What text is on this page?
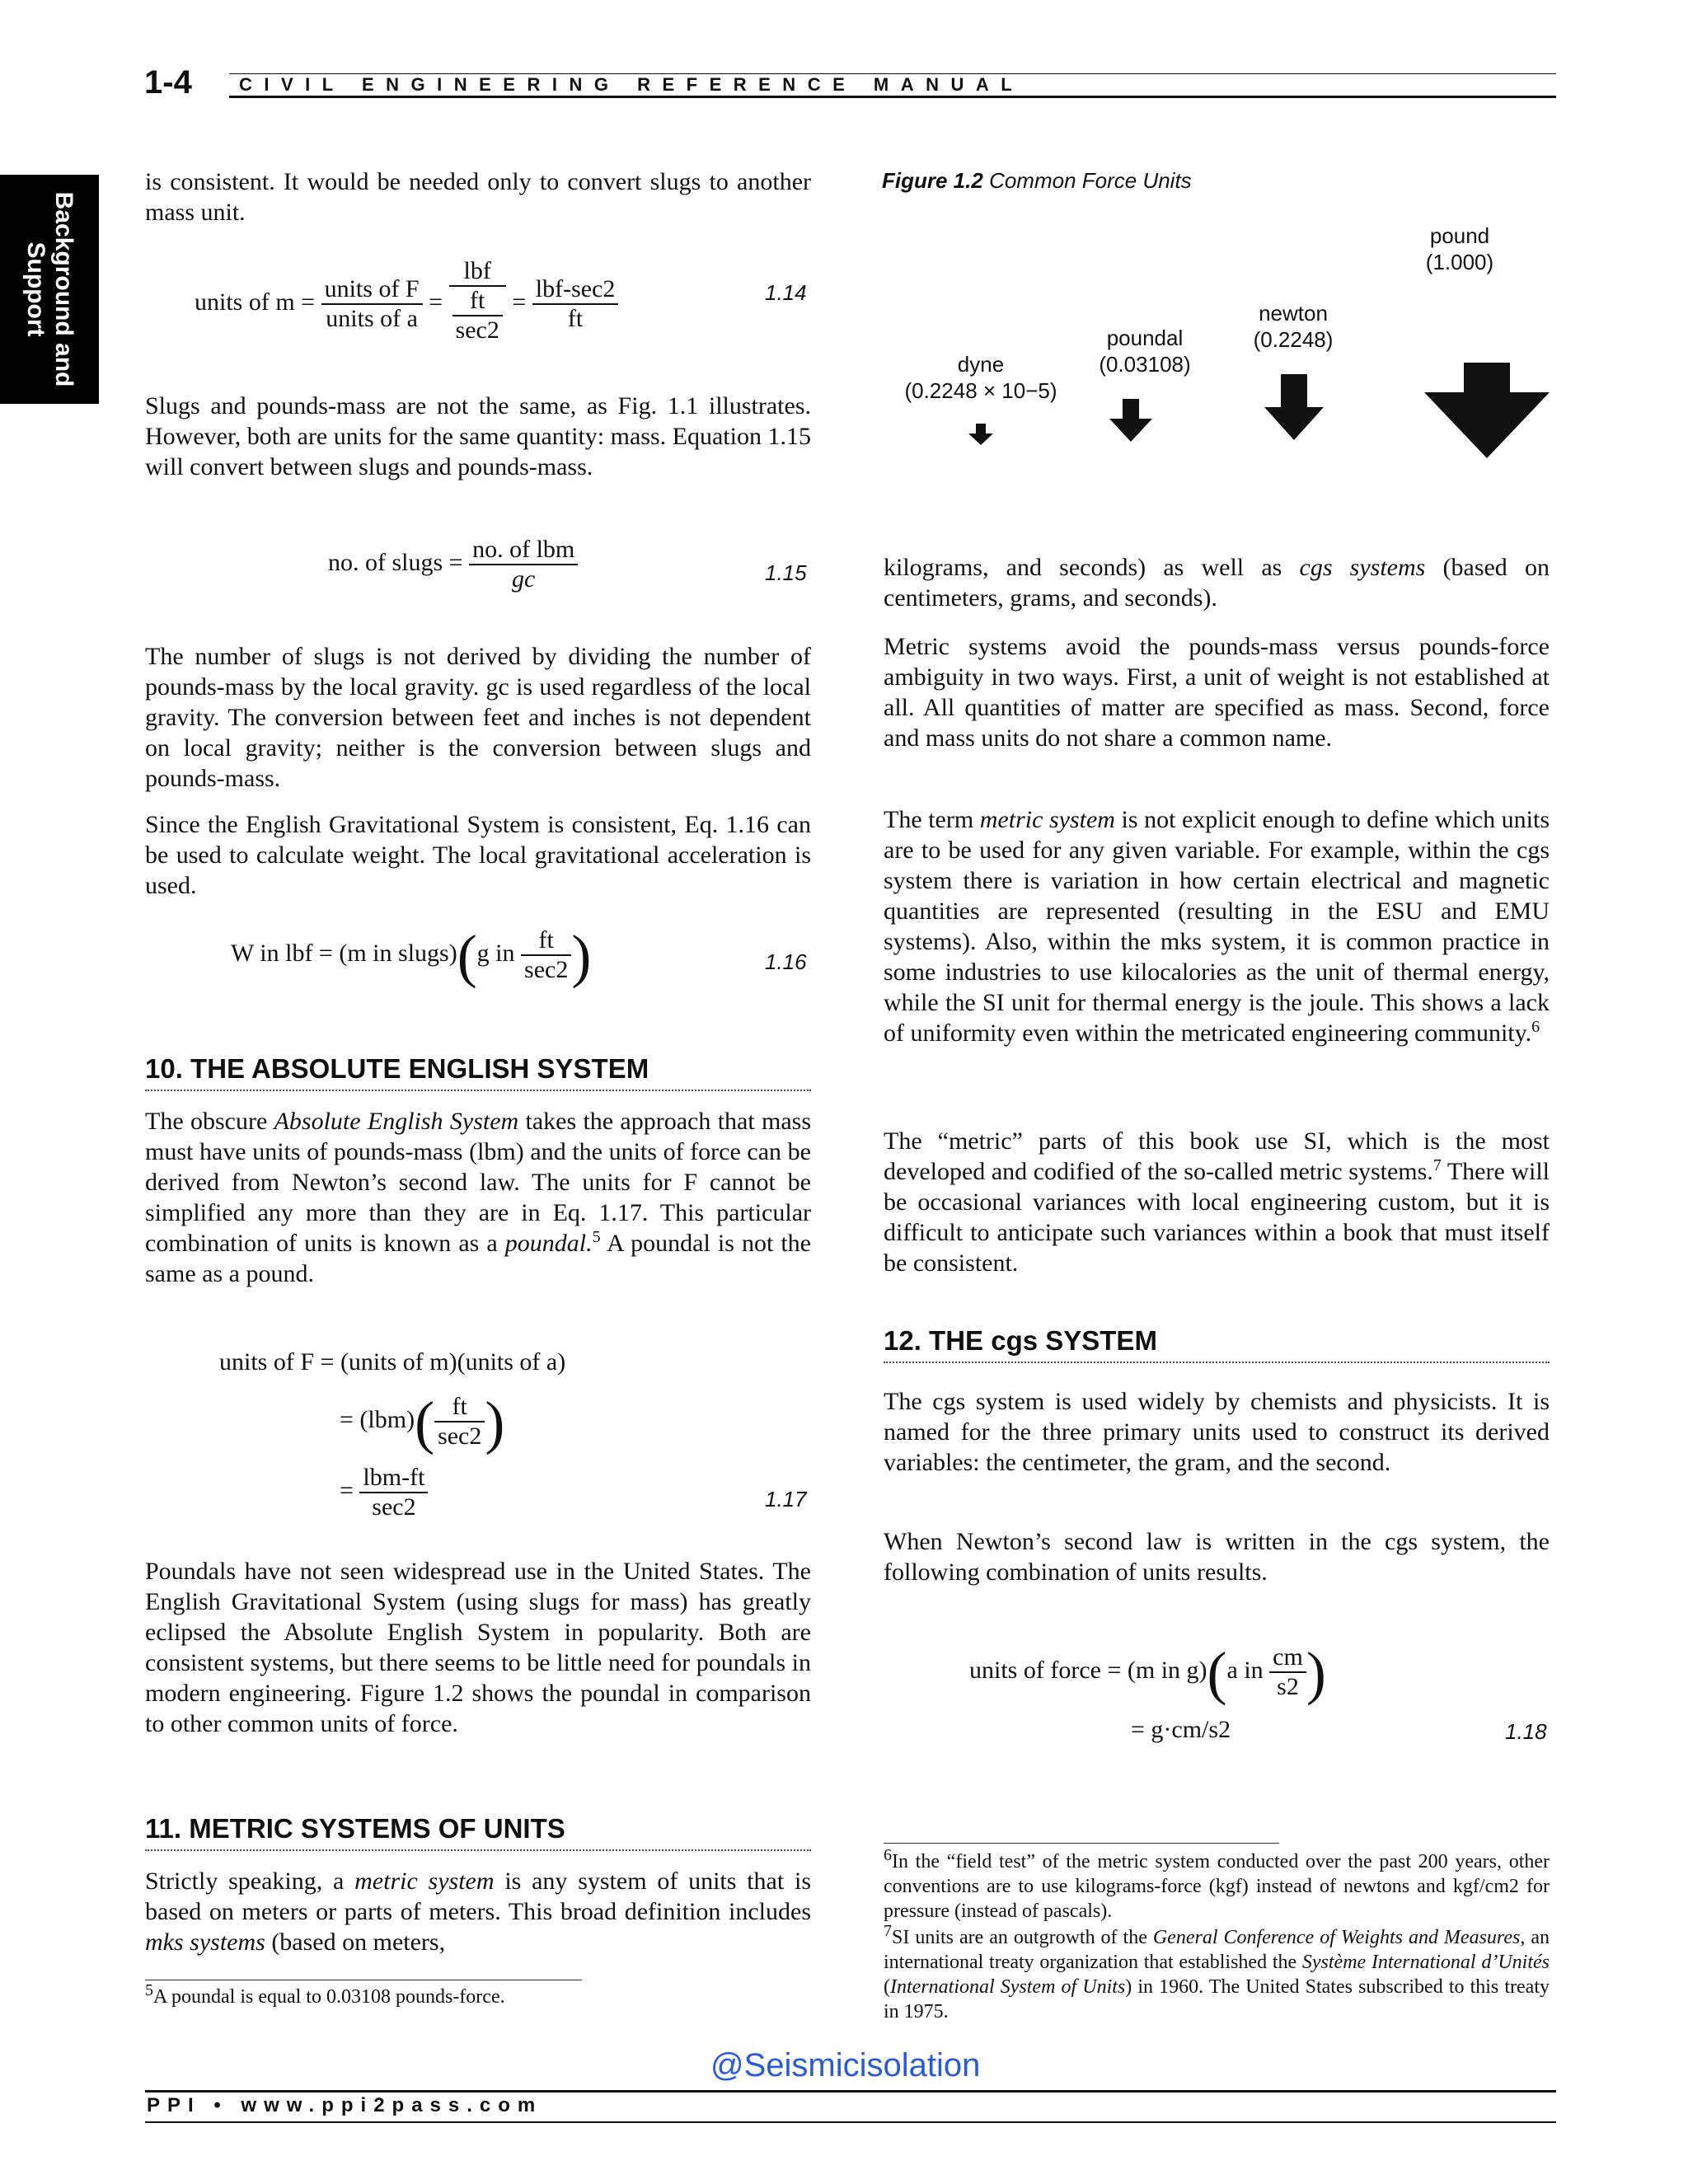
1-4	CIVIL ENGINEERING REFERENCE MANUAL
Background and
Support

is consistent. It would be needed only to convert slugs to another mass unit.

units of $m = \frac{\text{units of F}}{\text{units of a}}$ = lbf
ft
$\sec 2 = \frac{\text{lbf-sec2}}{ft}$	1.14

Slugs and pounds-mass are not the same, as Fig. 1.1 illustrates. However, both are units for the same quantity: mass. Equation 1.15 will convert between slugs and pounds-mass.

no. of slugs = $\frac{\text{no. of lbm}}{gc}$	1.15

The number of slugs is not derived by dividing the number of pounds-mass by the local gravity. gc is used regardless of the local gravity. The conversion between feet and inches is not dependent on local gravity; neither is the conversion between slugs and pounds-mass.

Since the English Gravitational System is consistent, Eq. 1.16 can be used to calculate weight. The local gravitational acceleration is used.

W in lbf = (m in slugs)(g in $\frac{ft}{\sec 2}$ )	1.16
10. THE ABSOLUTE ENGLISH SYSTEM

The obscure Absolute English System takes the approach that mass must have units of pounds-mass (lbm) and the units of force can be derived from Newton’s second law. The units for F cannot be simplified any more than they are in Eq. 1.17. This particular combination of units is known as a poundal.$^5$ A poundal is not the same as a pound.

units of F = (units of m)(units of a)
= $(lbm)( \frac{ft}{\sec 2}$ )
= $\frac{\text{lbm-ft}}{\sec 2}$	1.17

Poundals have not seen widespread use in the United States. The English Gravitational System (using slugs for mass) has greatly eclipsed the Absolute English System in popularity. Both are consistent systems, but there seems to be little need for poundals in modern engineering. Figure 1.2 shows the poundal in comparison to other common units of force.

11. METRIC SYSTEMS OF UNITS

Strictly speaking, a metric system is any system of units that is based on meters or parts of meters. This broad definition includes mks systems (based on meters,

$^5$A poundal is equal to 0.03108 pounds-force.
Figure 1.2 Common Force Units
pound
(1.000)
newton
(0.2248)
poundal
(0.03108)
dyne
(0.2248 × 10−5)

kilograms, and seconds) as well as cgs systems (based on centimeters, grams, and seconds).

Metric systems avoid the pounds-mass versus pounds-force ambiguity in two ways. First, a unit of weight is not established at all. All quantities of matter are specified as mass. Second, force and mass units do not share a common name.

The term metric system is not explicit enough to define which units are to be used for any given variable. For example, within the cgs system there is variation in how certain electrical and magnetic quantities are represented (resulting in the ESU and EMU systems). Also, within the mks system, it is common practice in some industries to use kilocalories as the unit of thermal energy, while the SI unit for thermal energy is the joule. This shows a lack of uniformity even within the metricated engineering community.$^6$

The “metric” parts of this book use SI, which is the most developed and codified of the so-called metric systems.$^7$ There will be occasional variances with local engineering custom, but it is difficult to anticipate such variances within a book that must itself be consistent.

12. THE cgs SYSTEM

The cgs system is used widely by chemists and physicists. It is named for the three primary units used to construct its derived variables: the centimeter, the gram, and the second.

When Newton’s second law is written in the cgs system, the following combination of units results.

units of force = (m in g)(a in $\frac{cm}{s2}$ )
= g·cm/s2	1.18
$^6$In the “field test” of the metric system conducted over the past 200 years, other conventions are to use kilograms-force (kgf) instead of newtons and kgf/cm2 for pressure (instead of pascals).
$^7$SI units are an outgrowth of the General Conference of Weights and Measures, an international treaty organization that established the Système International d’Unités (International System of Units) in 1960. The United States subscribed to this treaty in 1975.
@Seismicisolation
PPI • www.ppi2pass.com
